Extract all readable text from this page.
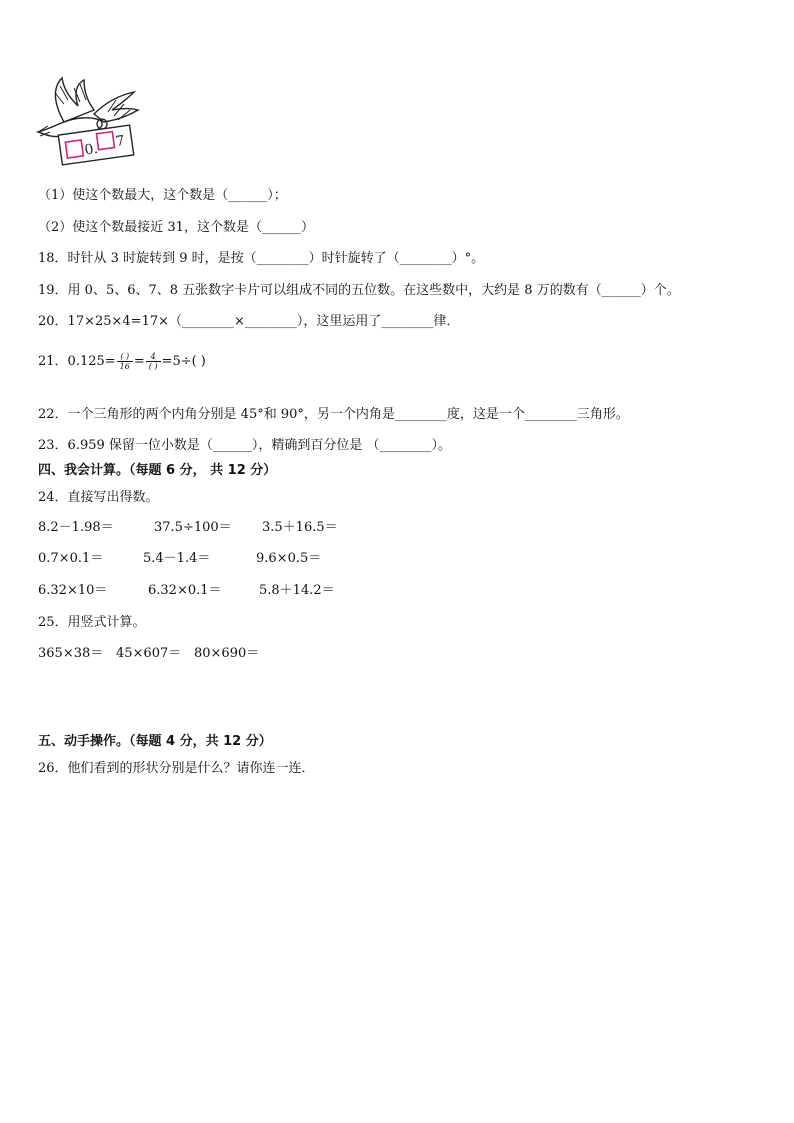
0. 7
（1）使这个数最大，这个数是（______）；
（2）使这个数最接近 31，这个数是（______）
18．时针从 3 时旋转到 9 时，是按（________）时针旋转了（________）°。
19．用 0、5、6、7、8 五张数字卡片可以组成不同的五位数。在这些数中，大约是 8 万的数有（______）个。
20．17×25×4=17×（________×________），这里运用了________律．
21．$0.125= \frac{( )}{16} = \frac{4}{( )} =5\div$( )
22．一个三角形的两个内角分别是 45°和 90°，另一个内角是________度，这是一个________三角形。
23．6.959 保留一位小数是（______），精确到百分位是 （________）。
四、我会计算。（每题 6 分， 共 12 分）
24．直接写出得数。
8.2－1.98＝	37.5÷100＝ 3.5＋16.5＝
0.7×0.1＝	5.4－1.4＝	9.6×0.5＝
6.32×10＝	6.32×0.1＝	5.8＋14.2＝
25．用竖式计算。
365×38＝ 45×607＝ 80×690＝
五、动手操作。（每题 4 分，共 12 分）
26．他们看到的形状分别是什么？请你连一连．
